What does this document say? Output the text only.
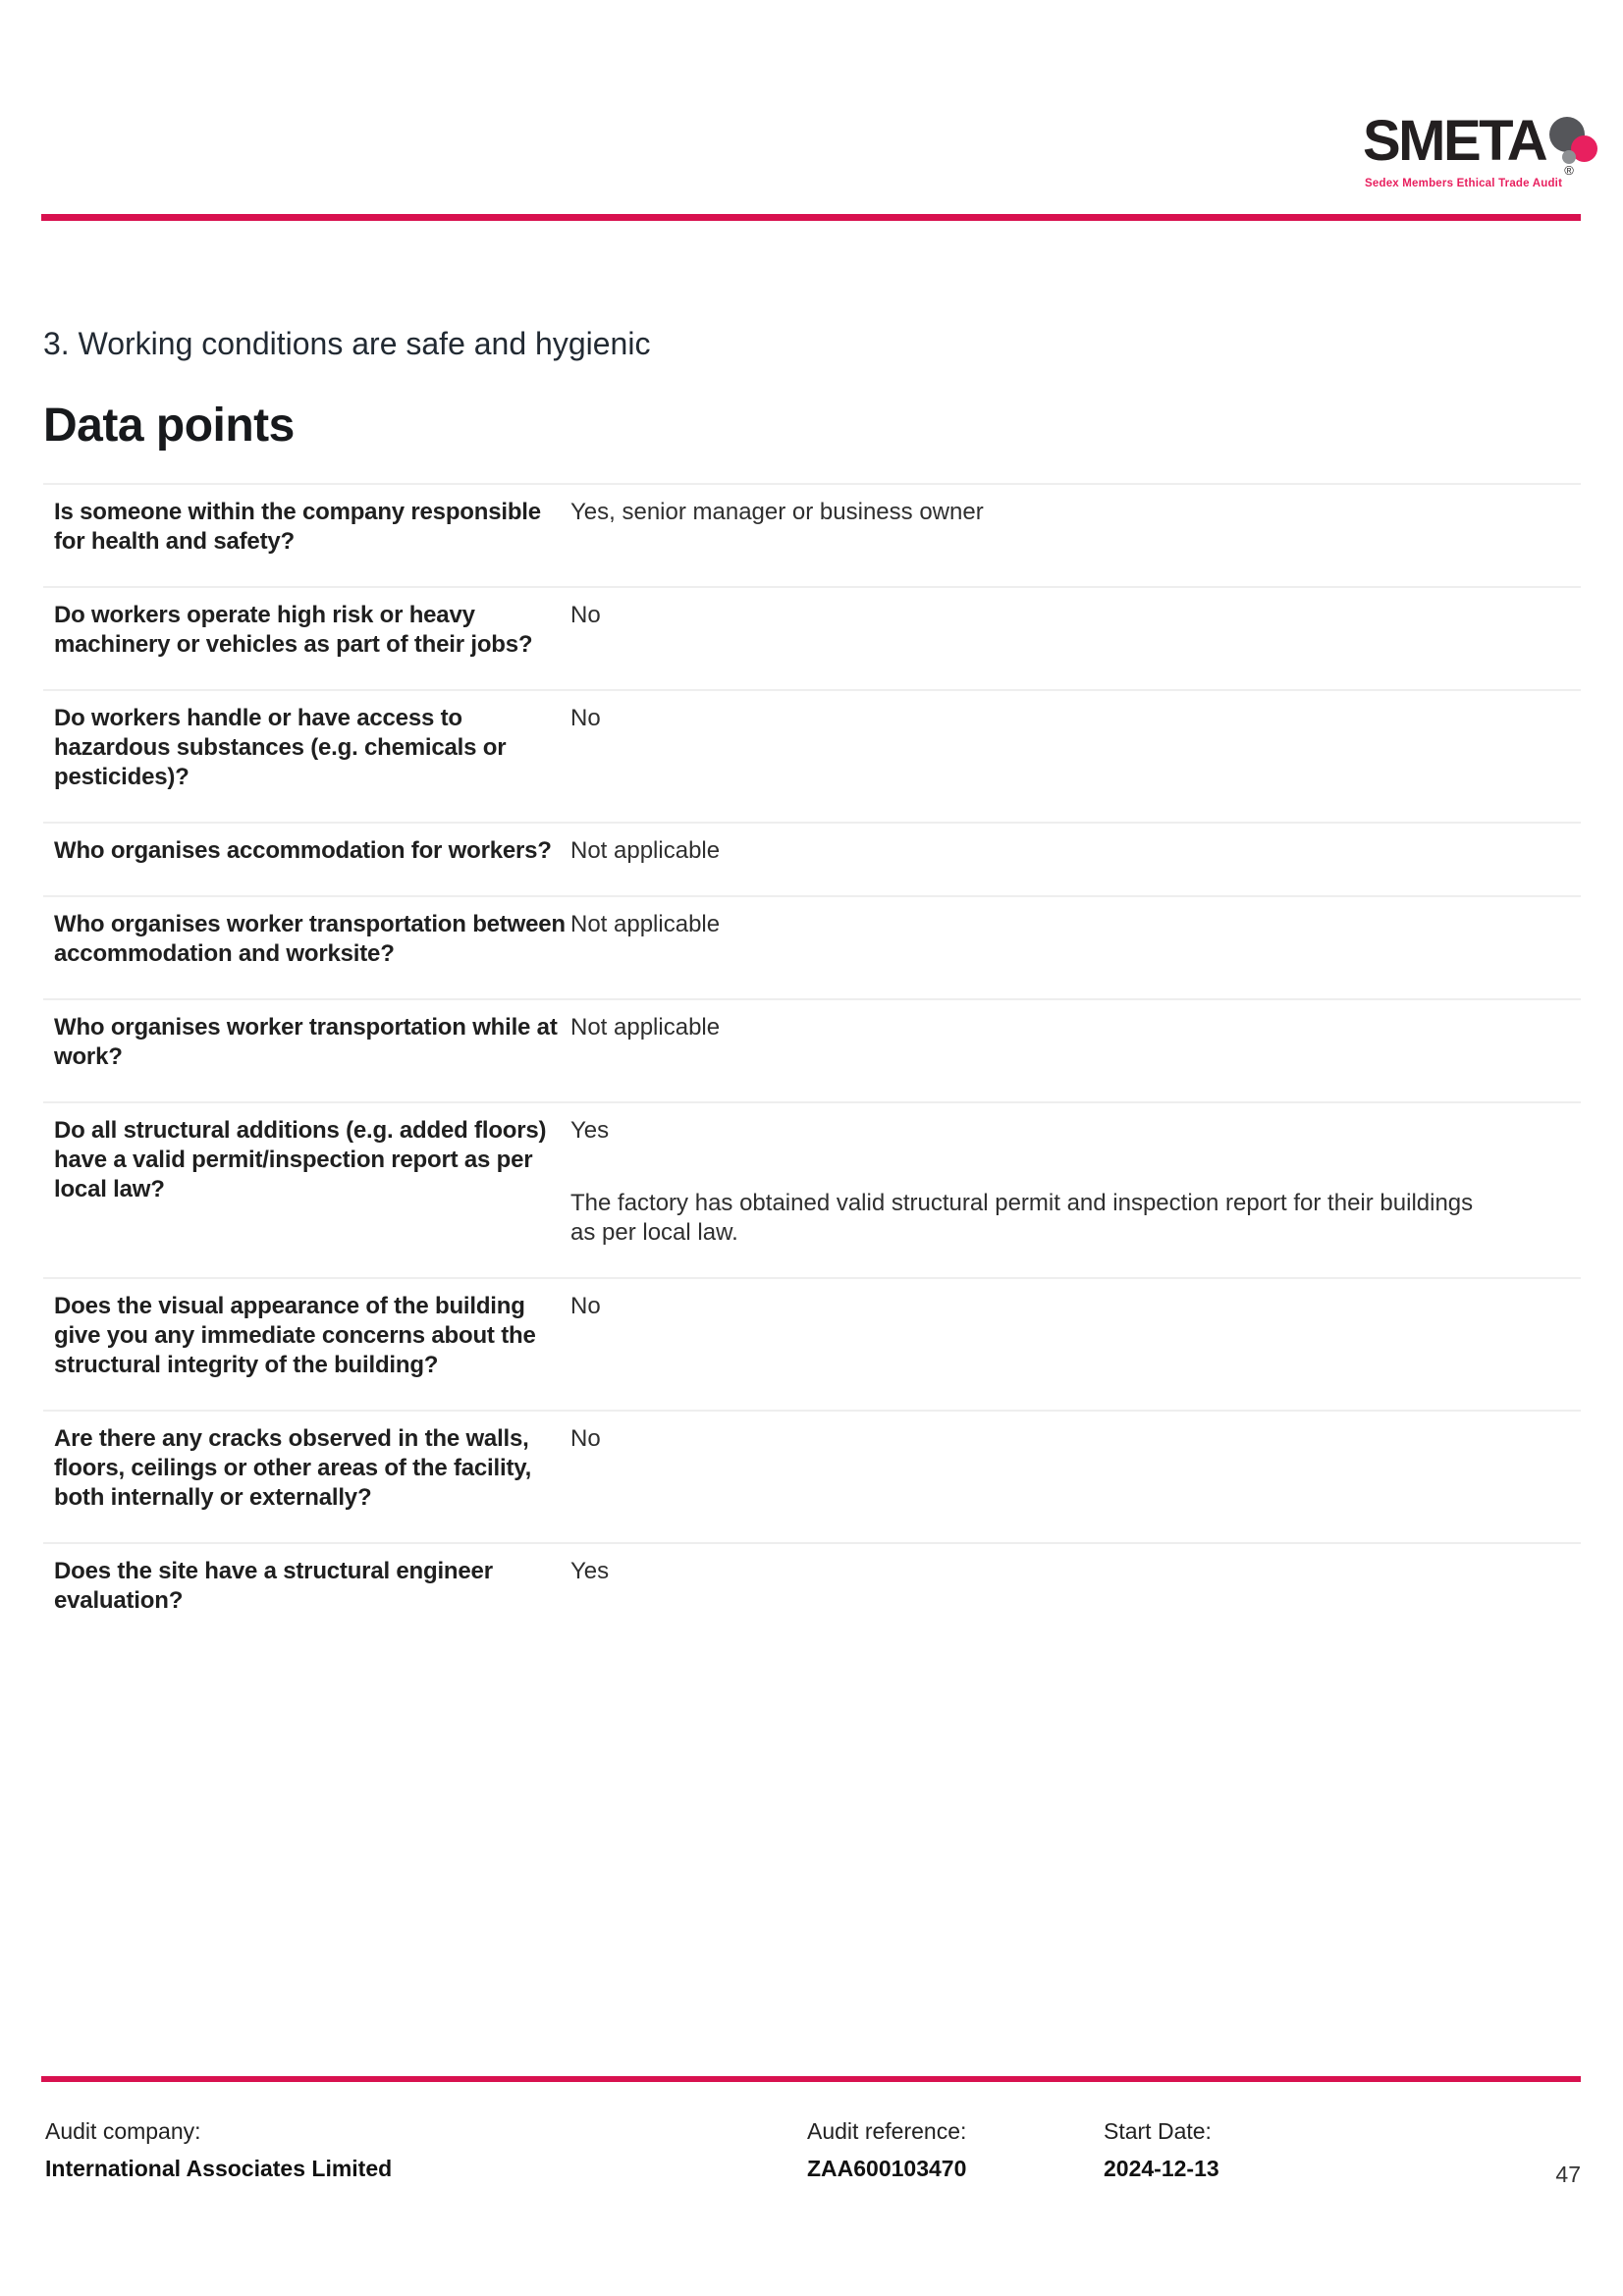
SMETA ®
Sedex Members Ethical Trade Audit
3. Working conditions are safe and hygienic
Data points
Is someone within the company responsible for health and safety?
Yes, senior manager or business owner
Do workers operate high risk or heavy machinery or vehicles as part of their jobs?
No
Do workers handle or have access to hazardous substances (e.g. chemicals or pesticides)?
No
Who organises accommodation for workers? Not applicable
Who organises worker transportation between accommodation and worksite?
Not applicable
Who organises worker transportation while at work?
Not applicable
Do all structural additions (e.g. added floors) have a valid permit/inspection report as per local law?
Yes
The factory has obtained valid structural permit and inspection report for their buildings as per local law.
Does the visual appearance of the building give you any immediate concerns about the structural integrity of the building?
No
Are there any cracks observed in the walls, floors, ceilings or other areas of the facility, both internally or externally?
No
Does the site have a structural engineer evaluation?
Yes
Audit company:
International Associates Limited
Audit reference:
ZAA600103470
Start Date:
2024-12-13	47
